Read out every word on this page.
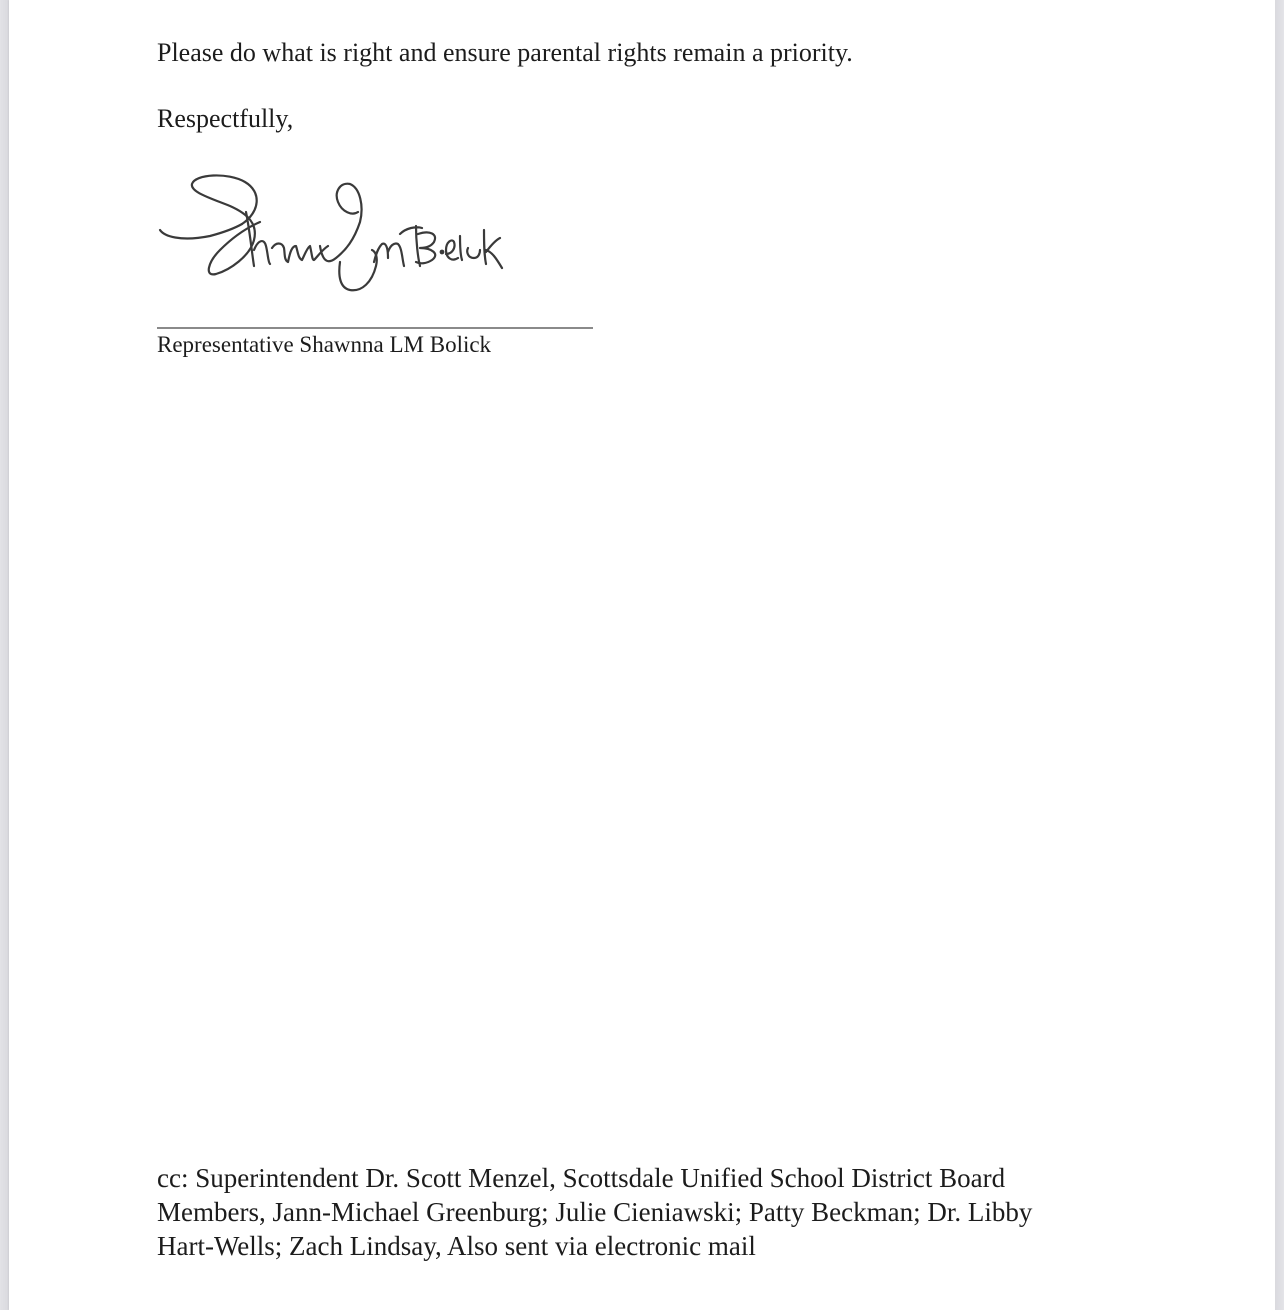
Please do what is right and ensure parental rights remain a priority.
Respectfully,
Representative Shawnna LM Bolick
cc: Superintendent Dr. Scott Menzel, Scottsdale Unified School District Board
Members, Jann-Michael Greenburg; Julie Cieniawski; Patty Beckman; Dr. Libby
Hart-Wells; Zach Lindsay, Also sent via electronic mail
